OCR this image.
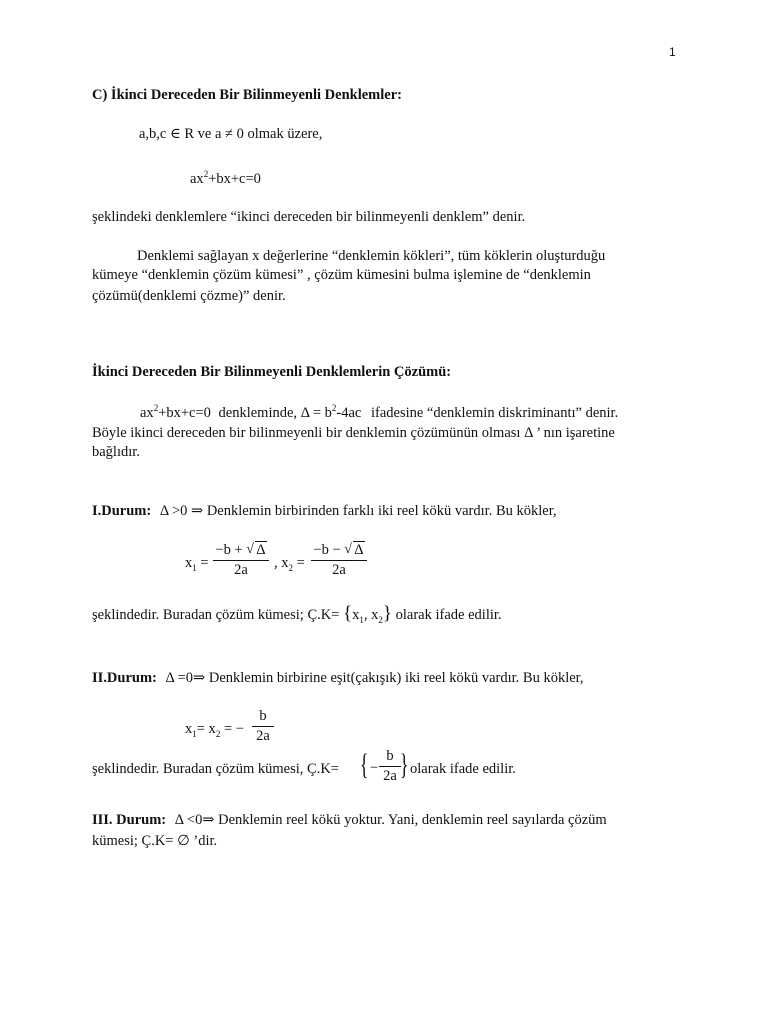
1
C) İkinci Dereceden Bir Bilinmeyenli Denklemler:
a,b,c ∈ R ve a ≠ 0 olmak üzere,
$ax^2+bx+c=0$
şeklindeki denklemlere “ikinci dereceden bir bilinmeyenli denklem” denir.
Denklemi sağlayan x değerlerine “denklemin kökleri”, tüm köklerin oluşturduğu
kümeye “denklemin çözüm kümesi” , çözüm kümesini bulma işlemine de “denklemin
çözümü(denklemi çözme)” denir.
İkinci Dereceden Bir Bilinmeyenli Denklemlerin Çözümü:
$ax^2+bx+c=0$ denkleminde, $\Delta = b^2-4ac$ ifadesine “denklemin diskriminantı” denir.
Böyle ikinci dereceden bir bilinmeyenli bir denklemin çözümünün olması Δ ’ nın işaretine
bağlıdır.
I.Durum: Δ >0 ⇒ Denklemin birbirinden farklı iki reel kökü vardır. Bu kökler,
$x_1$ =
−b + √ Δ
2a	, $x_2$ =
−b − √ Δ
2a
şeklindedir. Buradan çözüm kümesi; Ç.K= {$x_1$, $x_2$} olarak ifade edilir.
II.Durum: Δ =0⇒ Denklemin birbirine eşit(çakışık) iki reel kökü vardır. Bu kökler,
$x_1= x_2$ = −
b
2a
şeklindedir. Buradan çözüm kümesi, Ç.K= { −
b
2a } olarak ifade edilir.
III. Durum: Δ <0⇒ Denklemin reel kökü yoktur. Yani, denklemin reel sayılarda çözüm
kümesi; Ç.K= ∅ ’dir.
